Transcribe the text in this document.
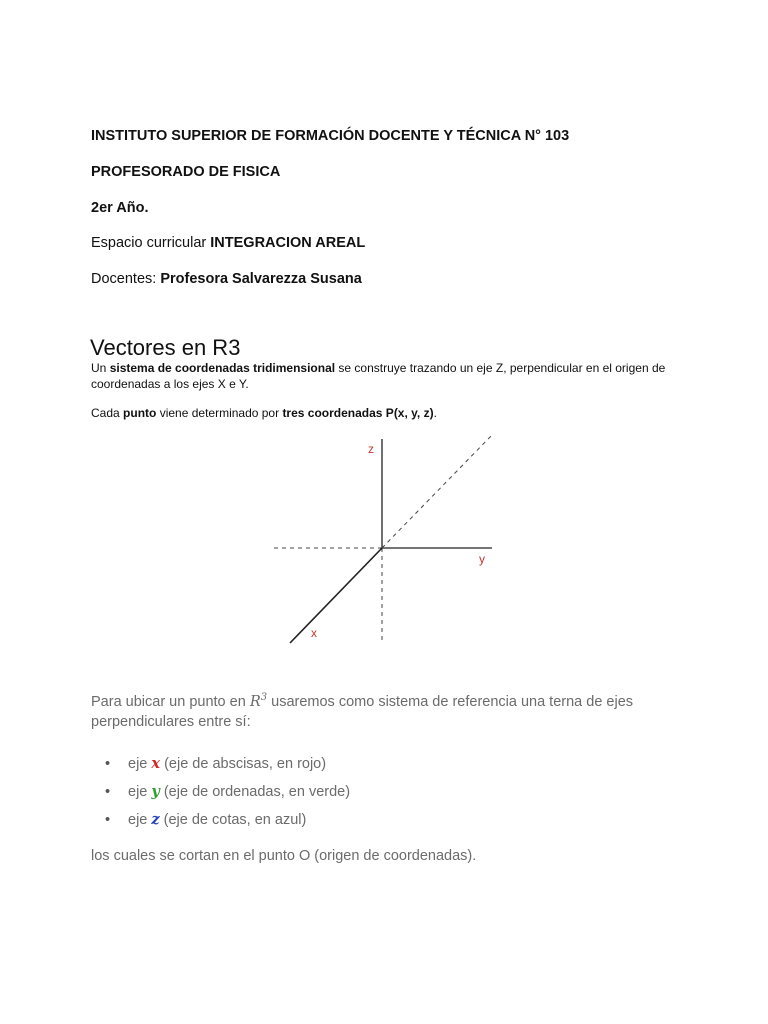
INSTITUTO SUPERIOR DE FORMACIÓN DOCENTE Y TÉCNICA N° 103

PROFESORADO DE FISICA

2er Año.

Espacio curricular INTEGRACION AREAL

Docentes: Profesora Salvarezza Susana

Vectores en R3

Un sistema de coordenadas tridimensional se construye trazando un eje Z, perpendicular en el origen de coordenadas a los ejes X e Y.

Cada punto viene determinado por tres coordenadas P(x, y, z).

z
y
x

Para ubicar un punto en $R^3$ usaremos como sistema de referencia una terna de ejes perpendiculares entre sí:

• eje x (eje de abscisas, en rojo)
• eje y (eje de ordenadas, en verde)
• eje z (eje de cotas, en azul)

los cuales se cortan en el punto O (origen de coordenadas).
